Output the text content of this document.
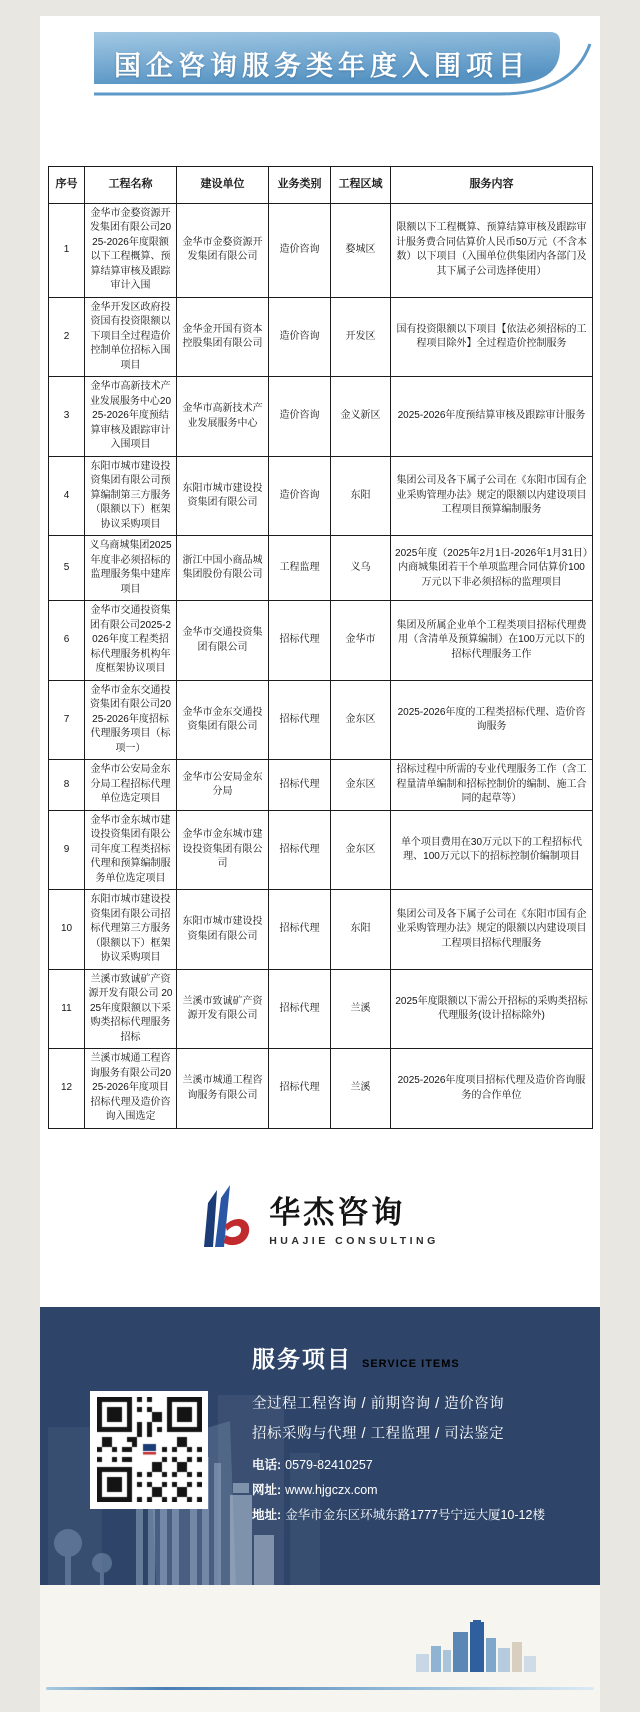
国企咨询服务类年度入围项目
序号	工程名称	建设单位	业务类别	工程区域	服务内容
1	金华市金婺资源开发集团有限公司2025-2026年度限额以下工程概算、预算结算审核及跟踪审计入围	金华市金婺资源开发集团有限公司	造价咨询	婺城区	限额以下工程概算、预算结算审核及跟踪审计服务费合同估算价人民币50万元（不含本数）以下项目（入围单位供集团内各部门及其下属子公司选择使用）
2	金华开发区政府投资国有投资限额以下项目全过程造价控制单位招标入围项目	金华金开国有资本控股集团有限公司	造价咨询	开发区	国有投资限额以下项目【依法必须招标的工程项目除外】全过程造价控制服务
3	金华市高新技术产业发展服务中心2025-2026年度预结算审核及跟踪审计入围项目	金华市高新技术产业发展服务中心	造价咨询	金义新区	2025-2026年度预结算审核及跟踪审计服务
4	东阳市城市建设投资集团有限公司预算编制第三方服务（限额以下）框架协议采购项目	东阳市城市建设投资集团有限公司	造价咨询	东阳	集团公司及各下属子公司在《东阳市国有企业采购管理办法》规定的限额以内建设项目工程项目预算编制服务
5	义乌商城集团2025年度非必须招标的监理服务集中建库项目	浙江中国小商品城集团股份有限公司	工程监理	义乌	2025年度（2025年2月1日-2026年1月31日）内商城集团若干个单项监理合同估算价100万元以下非必须招标的监理项目
6	金华市交通投资集团有限公司2025-2026年度工程类招标代理服务机构年度框架协议项目	金华市交通投资集团有限公司	招标代理	金华市	集团及所属企业单个工程类项目招标代理费用（含清单及预算编制）在100万元以下的招标代理服务工作
7	金华市金东交通投资集团有限公司2025-2026年度招标代理服务项目（标项一）	金华市金东交通投资集团有限公司	招标代理	金东区	2025-2026年度的工程类招标代理、造价咨询服务
8	金华市公安局金东分局工程招标代理单位选定项目	金华市公安局金东分局	招标代理	金东区	招标过程中所需的专业代理服务工作（含工程量清单编制和招标控制价的编制、施工合同的起草等）
9	金华市金东城市建设投资集团有限公司年度工程类招标代理和预算编制服务单位选定项目	金华市金东城市建设投资集团有限公司	招标代理	金东区	单个项目费用在30万元以下的工程招标代理、100万元以下的招标控制价编制项目
10	东阳市城市建设投资集团有限公司招标代理第三方服务（限额以下）框架协议采购项目	东阳市城市建设投资集团有限公司	招标代理	东阳	集团公司及各下属子公司在《东阳市国有企业采购管理办法》规定的限额以内建设项目工程项目招标代理服务
11	兰溪市致诚矿产资源开发有限公司 2025年度限额以下采购类招标代理服务招标	兰溪市致诚矿产资源开发有限公司	招标代理	兰溪	2025年度限额以下需公开招标的采购类招标代理服务(设计招标除外)
12	兰溪市城通工程咨询服务有限公司2025-2026年度项目招标代理及造价咨询入围选定	兰溪市城通工程咨询服务有限公司	招标代理	兰溪	2025-2026年度项目招标代理及造价咨询服务的合作单位
华杰咨询
HUAJIE CONSULTING
服务项目 SERVICE ITEMS
全过程工程咨询 / 前期咨询 / 造价咨询
招标采购与代理 / 工程监理 / 司法鉴定
电话: 0579-82410257
网址: www.hjgczx.com
地址: 金华市金东区环城东路1777号宁远大厦10-12楼
